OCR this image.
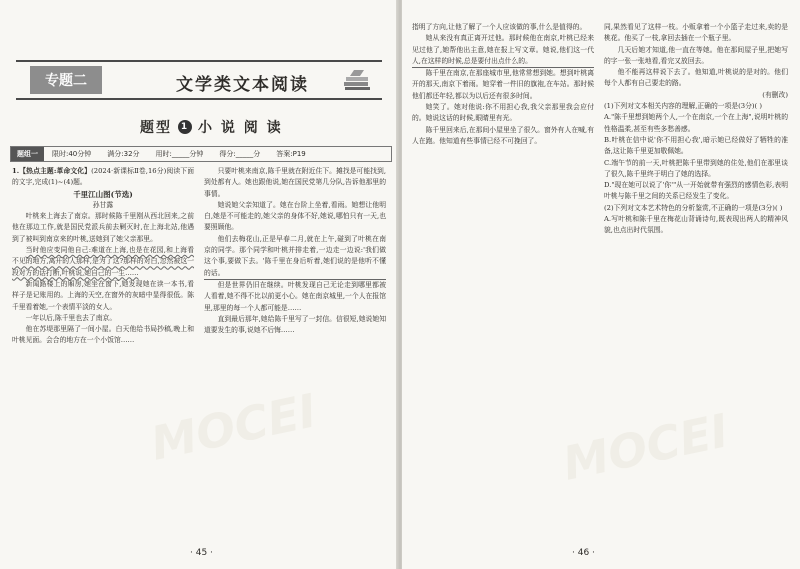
专题二	文学类文本阅读
题型 1 小 说 阅 读
题组一	限时:40分钟	满分:32分	用时:_____分钟	得分:_____分	答案:P19

1.【热点主题:革命文化】(2024·新课标Ⅱ卷,16分)阅读下面的文字,完成(1)~(4)题。

千里江山图(节选)

孙甘露

叶桃来上海去了南京。那时候陈千里刚从西北回来,之前他在那边工作,就是国民党派兵前去剿灭时,在上海北站,他遇到了被叫到南京来的叶桃,送她到了她父亲那里。

当时他应变同他自己:难道在上海,也是在花园,和上海看不见的地方,离开的人那样,是为了这?那样的对白,忽然被这一段对方的话打断,叶桃说,她自己的一生……

新闻路楼上的厢房,她坐在窗下,她发现她在读一本书,看样子是记账用的。上海的天空,在窗外的灰暗中显得很低。陈千里看着她,一个表情平淡的女人。

一年以后,陈千里也去了南京。

他在苏堤那里隔了一间小屋。白天他给书局抄稿,晚上和叶桃见面。会合的地方在一个小饭馆……

只要叶桃来南京,陈千里就在附近住下。摊找是可能找到,到处都有人。她也跟他说,她在国民党第几分队,告诉他那里的事情。

她说她父亲知道了。她在台阶上坐着,看雨。她想让他明白,她是不可能走的,她父亲的身体不好,她说,哪怕只有一天,也要照顾他。

他们去梅花山,正是早春二月,就在上午,碰到了叶桃在南京的同学。那个同学和叶桃并排走着,一边走一边说:'我们做这个事,要做下去。'陈千里在身后听着,她们说的是他听不懂的话。

但是世界仍旧在继续。叶桃发现自己无论走到哪里都被人看着,她不得不比以前更小心。她在南京城里,一个人在报馆里,那里的每一个人都可能是……

直到最后那年,她给陈千里写了一封信。信很短,她说她知道要发生的事,说她不后悔……

MOCEI
· 45 ·

指明了方向,让他了解了一个人应该做的事,什么是值得的。

她从来没有真正离开过他。那时候他在南京,叶桃已经来见过他了,她帮他出主意,她在报上写文章。她说,他们这一代人,在这样的时候,总是要付出点什么的。

陈千里在南京,在那座城市里,他常常想到她。想到叶桃离开的那天,南京下着雨。她穿着一件旧的旗袍,在车站。那时候他们都还年轻,都以为以后还有很多时间。

她笑了。她对他说:你不用担心我,我父亲那里我会应付的。她说这话的时候,眼睛里有光。

陈千里回来后,在那间小屋里坐了很久。窗外有人在喊,有人在跑。他知道有些事情已经不可挽回了。

同,果然看见了这样一枝。小贩拿着一个小篮子走过来,卖的是桃花。他买了一枝,拿回去插在一个瓶子里。

几天后她才知道,他一直在等她。他在那间屋子里,把她写的字一张一张地看,看完又放回去。

他不能再这样说下去了。他知道,叶桃说的是对的。他们每个人都有自己要走的路。

(有删改)

(1)下列对文本相关内容的理解,正确的一项是(3分)( )

A."陈千里想到她两个人,一个在南京,一个在上海",说明叶桃的性格温柔,甚至有些多愁善感。

B.叶桃在信中说'你不用担心我',暗示她已经做好了牺牲的准备,这让陈千里更加敬佩她。

C.端午节的前一天,叶桃把陈千里带到她的住处,他们在那里谈了很久,陈千里终于明白了她的选择。

D."现在她可以说了'你'"从一开始就带有强烈的感情色彩,表明叶桃与陈千里之间的关系已经发生了变化。

(2)下列对文本艺术特色的分析鉴赏,不正确的一项是(3分)( )

A.写叶桃和陈千里在梅花山背诵诗句,既表现出两人的精神风貌,也点出时代氛围。

MOCEI
· 46 ·
